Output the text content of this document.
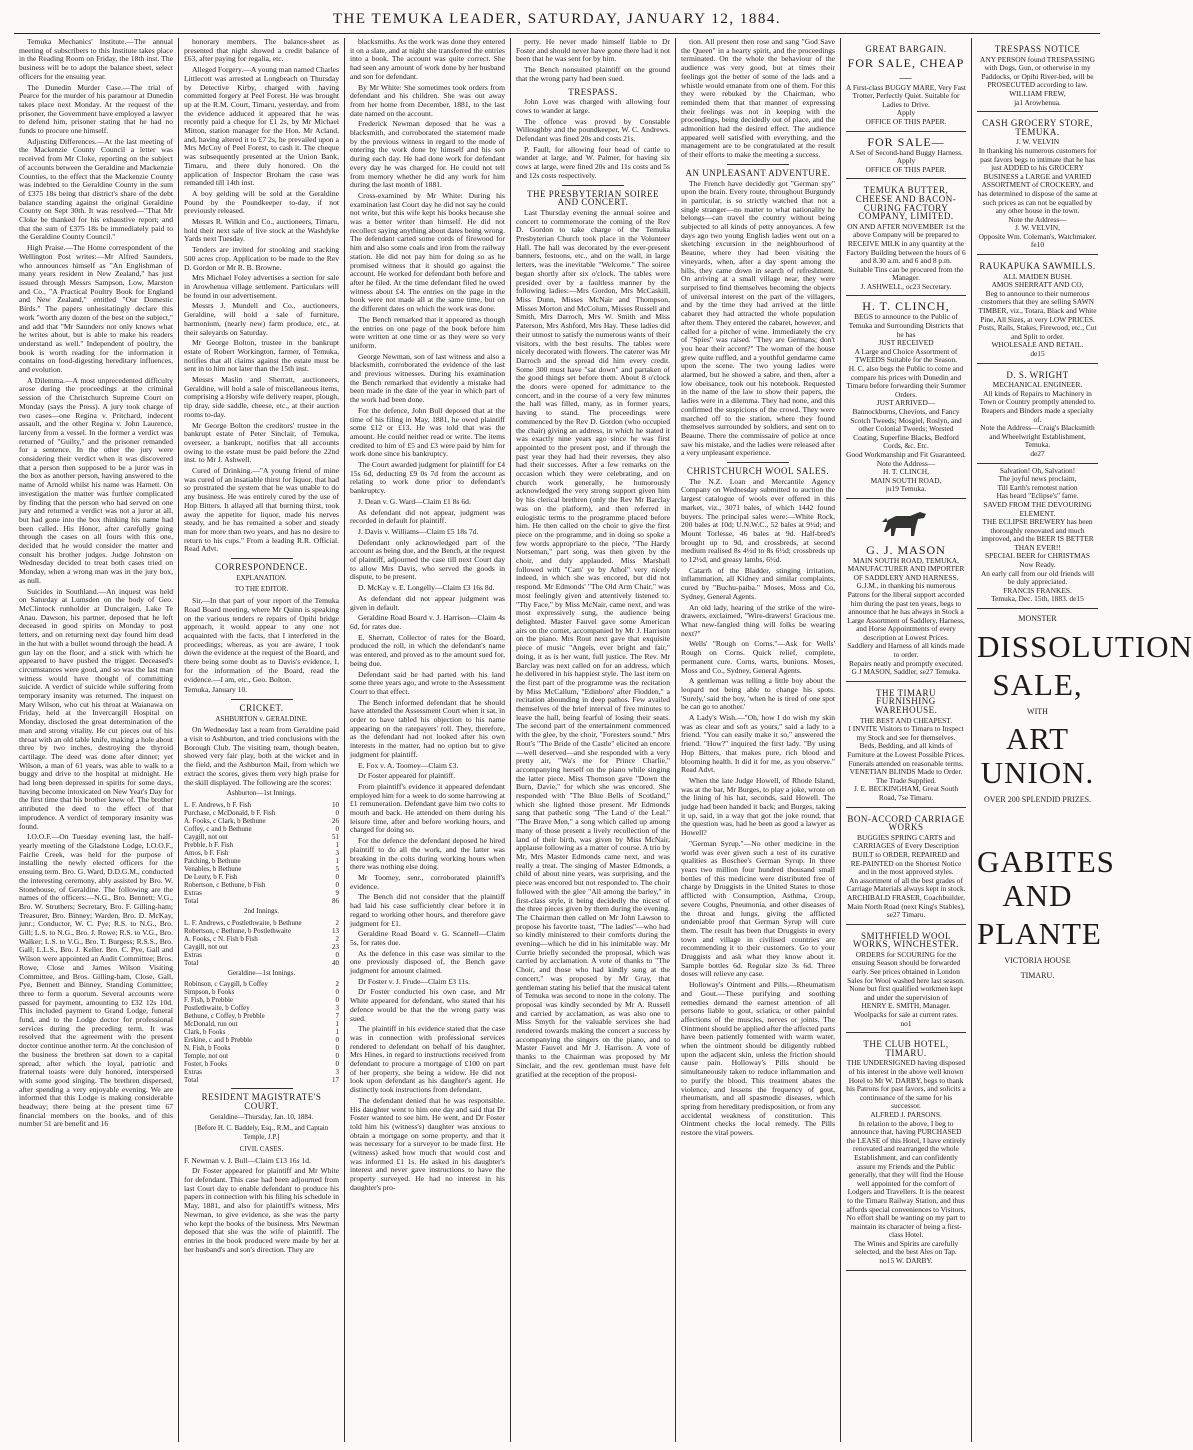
THE TEMUKA LEADER, SATURDAY, JANUARY 12, 1884.

Temuka Mechanics' Institute.—The annual meeting of subscribers to this Institute takes place in the Reading Room on Friday, the 18th inst. The business will be to adopt the balance sheet, select officers for the ensuing year.

The Dunedin Murder Case.—The trial of Pearce for the murder of his paramour at Dunedin takes place next Monday. At the request of the prisoner, the Government have employed a lawyer to defend him, prisoner stating that he had no funds to procure one himself.

Adjusting Differences.—At the last meeting of the Mackenzie County Council a letter was received from Mr Cloke, reporting on the subject of accounts between the Geraldine and Mackenzie Counties, to the effect that the Mackenzie County was indebted to the Geraldine County in the sum of £375 18s being that district's share of the debt balance standing against the original Geraldine County on Sept 30th. It was resolved—"That Mr Cloke be thanked for his exhaustive report; and that the sum of £375 18s be immediately paid to the Geraldine County Council."

High Praise.—The Home correspondent of the Wellington Post writes:—Mr Alfred Saunders, who announces himself as "An Englishman of many years resident in New Zealand," has just issued through Messrs Sampson, Low, Marston and Co., "A Practical Poultry Book for England and New Zealand," entitled "Our Domestic Birds." The papers unhesitatingly declare this work "worth any dozen of the best on the subject," and add that "Mr Saunders not only knows what he writes about, but is able to make his readers understand as well." Independent of poultry, the book is worth reading for the information it contains on food-digesting hereditary influences, and evolution.

A Dilemma.—A most unprecedented difficulty arose during the proceedings at the criminal session of the Christchurch Supreme Court on Monday (says the Press). A jury took charge of two cases—one Regina v. Pritchard, indecent assault, and the other Regina v. John Laurence, larceny from a vessel. In the former a verdict was returned of "Guilty," and the prisoner remanded for a sentence. In the other the jury were considering their verdict when it was discovered that a person then supposed to be a juror was in the box as another person, having answered to the name of Arnold whilst his name was Harnett. On investigation the matter was further complicated by finding that the person who had served on one jury and returned a verdict was not a juror at all, but had gone into the box thinking his name had been called. His Honor, after carefully going through the cases on all fours with this one, decided that he would consider the matter and consult his brother judges. Judge Johnston on Wednesday decided to treat both cases tried on Monday, when a wrong man was in the jury box, as null.

Suicides in Southland.—An inquest was held on Saturday at Lumsden on the body of Geo. McClintock runholder at Duncraigen, Lake Te Anau. Dawson, his partner, deposed that he left deceased in good spirits on Monday to post letters, and on returning next day found him dead in the hut with a bullet wound through the head. A gun lay on the floor, and a stick with which he appeared to have pushed the trigger. Deceased's circumstances were good, and so was the last man witness would have thought of committing suicide. A verdict of suicide while suffering from temporary insanity was returned. The inquest on Mary Wilson, who cut his throat at Waianawa on Friday, held at the Invercargill Hospital on Monday, disclosed the great determination of the man and strong vitality. He cut pieces out of his throat with an old table knife, making a hole about three by two inches, destroying the thyroid cartilage. The deed was done after dinner; yet Wilson, a man of 61 years, was able to walk to a buggy and drive to the hospital at midnight. He had long been depressed in spirits for some days, having become intoxicated on New Year's Day for the first time that his brother knew of. The brother attributed the deed to the effect of that imprudence. A verdict of temporary insanity was found.

I.O.O.F.—On Tuesday evening last, the half-yearly meeting of the Gladstone Lodge, I.O.O.F., Fairlie Creek, was held for the purpose of installing the newly elected officers for the ensuing term. Bro. G. Ward, D.D.G.M., conducted the interesting ceremony, ably assisted by Bro. W. Stonehouse, of Geraldine. The following are the names of the officers:—N.G., Bro. Bennett; V.G., Bro. W. Struthers; Secretary, Bro. F. Gilling-ham; Treasurer, Bro. Binney; Warden, Bro. D. McKay, junr.; Conductor, W. C. Pye; R.S. to N.G., Bro. Gill; L.S. to N.G., Bro. J. Rowe; R.S. to V.G., Bro. Walker; L.S. to V.G., Bro. T. Burgess; R.S.S., Bro. Gall; L.L.S., Bro. J. Keller. Bro. C. Pye, Gall and Wilson were appointed an Audit Committee; Bros. Rowe, Close and James Wilson Visiting Committee, and Bros. Gilling-ham, Close, Gall, Pye, Bennett and Binney, Standing Committee; three to form a quorum. Several accounts were passed for payment, amounting to £32 12s 10d. This included payment to Grand Lodge, funeral fund, and to the Lodge doctor for professional services during the preceding term. It was resolved that the agreement with the present doctor continue another term. At the conclusion of the business the brethren sat down to a capital spread, after which the loyal, patriotic and fraternal toasts were duly honored, interspersed with some good singing. The brethren dispersed, after spending a very enjoyable evening. We are informed that this Lodge is making considerable headway; there being at the present time 67 financial members on the books, and of this number 51 are benefit and 16

honorary members. The balance-sheet as presented that night showed a credit balance of £63, after paying for regalia, etc.

Alleged Forgery.—A young man named Charles Littlecott was arrested at Longbeach on Thursday by Detective Kirby, charged with having committed forgery at Peel Forest. He was brought up at the R.M. Court, Timaru, yesterday, and from the evidence adduced it appeared that he was recently paid a cheque for £1 2s, by Mr Michael Mitton, station manager for the Hon. Mr Acland, and, having altered it to £7 2s, he prevailed upon a Mrs McCoy of Peel Forest, to cash it. The cheque was subsequently presented at the Union Bank, Timaru, and there duly honored. On the application of Inspector Broham the case was remanded till 14th inst.

A boy gelding will be sold at the Geraldine Pound by the Poundkeeper to-day, if not previously released.

Messrs R. Wilkin and Co., auctioneers, Timaru, hold their next sale of live stock at the Washdyke Yards next Tuesday.

Tenders are invited for stooking and stacking 500 acres crop. Application to be made to the Rev D. Gordon or Mr R. B. Browne.

Mrs Michael Foley advertises a section for sale in Arowhenua village settlement. Particulars will be found in our advertisement.

Messrs J. Mundell and Co., auctioneers, Geraldine, will hold a sale of furniture, harmonium, (nearly new) farm produce, etc., at their saleyards on Saturday.

Mr George Bolton, trustee in the bankrupt estate of Robert Workington, farmer, of Temuka, notifies that all claims against the estate must be sent in to him not later than the 15th inst.

Messrs Maslin and Sherratt, auctioneers, Geraldine, will hold a sale of miscellaneous items, comprising a Horsby wife delivery reaper, plough, tip dray, side saddle, cheese, etc., at their auction rooms to-day.

Mr George Bolton the creditors' trustee in the bankrupt estate of Peter Sinclair, of Temuka, overseer, a bankrupt, notifies that all accounts owing to the estate must be paid before the 22nd inst. to Mr J. Ashwell.

Cured of Drinking.—"A young friend of mine was cured of an insatiable thirst for liquor, that had so prostrated the system that he was unable to do any business. He was entirely cured by the use of Hop Bitters. It allayed all that burning thirst, took away the appetite for liquor, made his nerves steady, and he has remained a sober and steady man for more than two years, and has no desire to return to his cups." From a leading R.R. Official. Read Advt.

CORRESPONDENCE.
EXPLANATION.
TO THE EDITOR.

Sir,—In that part of your report of the Temuka Road Board meeting, where Mr Quinn is speaking on the various tenders re repairs of Opihi bridge approach, it would appear to any one not acquainted with the facts, that I interfered in the proceedings; whereas, as you are aware, I took down the evidence at the request of the Board, and there being some doubt as to Davis's evidence, I, for the information of the Board, read the evidence.—I am, etc., Geo. Bolton.

Temuka, January 10.

CRICKET.
ASHBURTON v. GERALDINE.

On Wednesday last a team from Geraldine paid a visit to Ashburton, and tried conclusions with the Borough Club. The visiting team, though beaten, showed very fair play, both at the wicket and in the field, and the Ashburton Mail, from which we extract the scores, gives them very high praise for the skill displayed. The following are the scores:

Ashburton—1st Innings.
L. F. Andrews, b F. Fish	10
Purchase, c McDonald, b F. Fish	0
A. Fooks, c Clark, b Bethune	26
Coffey, c and b Bethune	0
Caygill, not out	51
Prebble, b F. Fish	1
Amos, b F. Fish	3
Patching, b Bethune	1
Venables, b Bethune	5
De Leuty, b F. Fish	0
Robertson, c Bethune, b Fish	0
Extras	9
Total	86
2nd Innings.
L. F. Andrews, c Postlethwaite, b Bethune	2
Robertson, c Bethune, b Postlethwaite	13
A. Fooks, c N. Fish b Fish	2
Caygill, not out	23
Extras	0
Total	40
Geraldine—1st Innings.
Robinson, c Caygill, b Coffey	2
Simpson, b Fooks	0
F. Fish, b Prebble	0
Postlethwaite, b Coffey	3
Bethune, c Coffey, b Prebble	7
McDonald, run out	1
Clark, b Fooks	1
Erskine, c and b Prebble	0
N. Fish, b Fooks	0
Temple, not out	0
Foster, b Fooks	0
Extras	3
Total	17
RESIDENT MAGISTRATE'S COURT.
Geraldine—Thursday, Jan. 10, 1884.
[Before H. C. Baddely, Esq., R.M., and Captain Temple, J.P.]
CIVIL CASES.

F. Newman v. J. Bull—Claim £13 16s 1d.

Dr Foster appeared for plaintiff and Mr White for defendant. This case had been adjourned from last Court day to enable defendant to produce his papers in connection with his filing his schedule in May, 1881, and also for plaintiff's witness, Mrs Newman, to give evidence, as she was the party who kept the books of the business. Mrs Newman deposed that she was the wife of plaintiff. The entries in the book produced were made by her at her husband's and son's direction. They are

blacksmiths. As the work was done they entered it on a slate, and at night she transferred the entries into a book. The account was quite correct. She had seen any amount of work done by her husband and son for defendant.

By Mr White: She sometimes took orders from defendant and his children. She was out away from her home from December, 1881, to the last date named on the account.

Frederick Newman deposed that he was a blacksmith, and corroborated the statement made by the previous witness in regard to the mode of entering the work done by himself and his son during each day. He had done work for defendant every day he was charged for. He could not tell from memory whether he did any work for him during the last month of 1881.

Cross-examined by Mr White: During his examination last Court day he did not say he could not write, but this wife kept his books because she was a better writer than himself. He did not recollect saying anything about dates being wrong. The defendant carted some cords of firewood for him and also some coals and iron from the railway station. He did not pay him for doing so as he promised witness that it should go against the account. He worked for defendant both before and after he filed. At the time defendant filed he owed witness about £4. The entries on the page in the book were not made all at the same time, but on the different dates on which the work was done.

The Bench remarked that it appeared as though the entries on one page of the book before him were written at one time or as they were so very uniform.

George Newman, son of last witness and also a blacksmith, corroborated the evidence of the last and previous witnesses. During his examination the Bench remarked that evidently a mistake had been made in the date of the year in which part of the work had been done.

For the defence, John Bull deposed that at the time of his filing in May, 1881, he owed plaintiff some £12 or £13. He was told that was the amount. He could neither read or write. The items credited to him of £5 and £3 were paid by him for work done since his bankruptcy.

The Court awarded judgment for plaintiff for £4 15s 6d, deducting £9 0s 7d from the account as relating to work done prior to defendant's bankruptcy.

J. Dean v. G. Ward—Claim £1 8s 6d.

As defendant did not appear, judgment was recorded in default for plaintiff.

J. Davis v. Williams—Claim £5 18s 7d.

Defendant only acknowledged part of the account as being due, and the Bench, at the request of plaintiff, adjourned the case till next Court day to allow Mrs Davis, who served the goods in dispute, to be present.

D. McKay v. E. Longelly—Claim £3 16s 8d.

As defendant did not appear judgment was given in default.

Geraldine Road Board v. J. Harrison—Claim 4s 6d, for rates due.

E. Sherratt, Collector of rates for the Board, produced the roll, in which the defendant's name was entered, and proved as to the amount sued for, being due.

Defendant said he had parted with his land some three years ago, and wrote to the Assessment Court to that effect.

The Bench informed defendant that he should have attended the Assessment Court when it sat, in order to have tabled his objection to his name appearing on the ratepayers' roll. They, therefore, as the defendant had not looked after his own interests in the matter, had no option but to give judgment for plaintiff.

E. Fox v. A. Toomey—Claim £3.

Dr Foster appeared for plaintiff.

From plaintiff's evidence it appeared defendant employed him for a week to do some harrowing at £1 remuneration. Defendant gave him two colts to mouth and back. He attended on them during his leisure time, after and before working hours, and charged for doing so.

For the defence the defendant deposed he hired plaintiff to do all the work, and the latter was breaking in the colts during working hours when there was nothing else doing.

Mr Toomey, senr., corroborated plaintiff's evidence.

The Bench did not consider that the plaintiff had laid his case sufficiently clear before it in regard to working other hours, and therefore gave judgment for £1.

Geraldine Road Board v. G. Scannell—Claim 5s, for rates due.

As the defence in this case was similar to the one previously disposed of, the Bench gave judgment for amount claimed.

Dr Foster v. J. Frude—Claim £3 11s.

Dr Foster conducted his own case, and Mr White appeared for defendant, who stated that his defence would be that the the wrong party was sued.

The plaintiff in his evidence stated that the case was in connection with professional services rendered to defendant on behalf of his daughter, Mrs Hines, in regard to instructions received from defendant to procure a mortgage of £100 on part of her property, she being a widow. He did not look upon defendant as his daughter's agent. He distinctly took instructions from defendant.

The defendant denied that he was responsible. His daughter went to him one day and said that Dr Foster wanted to see him. He went, and Dr Foster told him his (witness's) daughter was anxious to obtain a mortgage on some property, and that it was necessary for a surveyor to be made first. He (witness) asked how much that would cost and was informed £1 1s. He asked in his daughter's interest and never gave instructions to have the property surveyed. He had no interest in his daughter's pro-

perty. He never made himself liable to Dr Foster and should never have gone there had it not been that he was sent for by him.

The Bench nonsuited plaintiff on the ground that the wrong party had been sued.

TRESPASS.

John Love was charged with allowing four cows to wander at large.

The offence was proved by Constable Willoughby and the poundkeeper, W. C. Andrews. Defendant was fined 20s and costs 21s.

P. Faull, for allowing four head of cattle to wander at large, and W. Palmer, for having six cows at large, were fined 20s and 11s costs and 5s and 12s costs respectively.

THE PRESBYTERIAN SOIREE AND CONCERT.

Last Thursday evening the annual soiree and concert to commemorate the coming of the Rev D. Gordon to take charge of the Temuka Presbyterian Church took place in the Volunteer Hall. The hall was decorated by the ever-present banners, festoons, etc., and on the wall, in large letters, was the inevitable "Welcome." The soiree began shortly after six o'clock. The tables were presided over by a faultless manner by the following ladies:—Mrs Gordon, Mrs McCaskill, Miss Dunn, Misses McNair and Thompson, Misses Morton and McColum, Misses Russell and Smith, Mrs Darroch, Mrs W. Smith and Miss Paterson, Mrs Ashford, Mrs Hay. These ladies did their utmost to satisfy the numerous wants of their visitors, with the best results. The tables were nicely decorated with flowers. The caterer was Mr Darroch and the spread did him every credit. Some 300 must have "sat down" and partaken of the good things set before them. About 8 o'clock the doors were opened for admittance to the concert, and in the course of a very few minutes the hall was filled, many, as in former years, having to stand. The proceedings were commenced by the Rev D. Gordon (who occupied the chair) giving an address, in which he stated it was exactly nine years ago since he was first appointed to the present post, and if through the past year they had had their reverses, they also had their successes. After a few remarks on the occasion which they were celebrating, and on church work generally, he humorously acknowledged the very strong support given him by his clerical brethren (only the Rev Mr Barclay was on the platform), and then referred in eulogistic terms to the programme placed before him. He then called on the choir to give the first piece on the programme, and in doing so spoke a few words appropriate to the piece, "The Hardy Norseman," part song, was then given by the choir, and duly applauded. Miss Marshall followed with "Cam' ye by Athol" very nicely indeed, in which she was encored, but did not respond. Mr Edmonds' "The Old Arm Chair," was most feelingly given and attentively listened to. "Thy Face," by Miss McNair, came next, and was most expressively sung, the audience being delighted. Master Fauvel gave some American airs on the cornet, accompanied by Mr J. Harrison on the piano. Mrs Rout next gave that exquisite piece of music "Angels, ever bright and fair," doing, it as is her want, full justice. The Rev. Mr Barclay was next called on for an address, which he delivered in his happiest style. The last item on the first part of the programme was the recitation by Miss McCallum, "Edinboro' after Flodden," a recitation abounding in deep pathos. Few availed themselves of the brief interval of five minutes to leave the hall, being fearful of losing their seats. The second part of the entertainment commenced with the glee, by the choir, "Foresters sound." Mrs Rout's "The Bride of the Castle" elicited an encore—well deserved—and she responded with a very pretty air, "Wa's me for Prince Charlie," accompanying herself on the piano while singing the latter piece. Miss Thomson gave "Down the Burn, Davie," for which she was encored. She responded with "The Blue Bells of Scotland," which she lighted those present. Mr Edmonds sang that pathetic song "The Land o' the Leal." "The Brave Men," a song which called up among many of those present a lively recollection of the land of their birth, was given by Miss McNair, applause following as a matter of course. A trio by Mr, Mrs Master Edmonds came next, and was really a treat. The singing of Master Edmonds, a child of about nine years, was surprising, and the piece was encored but not responded to. The choir followed with the glee "All among the barley," in first-class style, it being decidedly the nicest of the three pieces given by them during the evening. The Chairman then called on Mr John Lawson to propose his favorite toast, "The ladies"—who had so kindly ministered to their comforts during the evening—which he did in his inimitable way. Mr Currie briefly seconded the proposal, which was carried by acclamation. A vote of thanks to "The Choir, and those who had kindly sung at the concert," was proposed by Mr Gray, that gentleman stating his belief that the musical talent of Temuka was second to none in the colony. The proposal was kindly seconded by Mr A. Russell and carried by acclamation, as was also one to Miss Smyth for the valuable services she had rendered towards making the concert a success by accompanying the singers on the piano, and to Master Fauvel and Mr J. Harrison. A vote of thanks to the Chairman was proposed by Mr Sinclair, and the rev. gentleman must have felt gratified at the reception of the proposi-

tion. All present then rose and sang "God Save the Queen" in a hearty spirit, and the proceedings terminated. On the whole the behaviour of the audience was very good, but at times their feelings got the better of some of the lads and a whistle would emanate from one of them. For this they were rebuked by the Chairman, who reminded them that that manner of expressing their feelings was not in keeping with the proceedings, being decidedly out of place, and the admonition had the desired effect. The audience appeared well satisfied with everything, and the management are to be congratulated at the result of their efforts to make the meeting a success.

AN UNPLEASANT ADVENTURE.

The French have decidedly got "German spy" upon the brain. Every route, throughout Burgundy in particular, is so strictly watched that not a single stranger—no matter to what nationality he belongs—can travel the country without being subjected to all kinds of petty annoyances. A few days ago two young English ladies went out on a sketching excursion in the neighbourhood of Beaune, where they had been visiting the vineyards, when, after a day spent among the hills, they came down in search of refreshment. On arriving at a small village near, they were surprised to find themselves becoming the objects of universal interest on the part of the villagers, and by the time they had arrived at the little cabaret they had attracted the whole population after them. They entered the cabaret, however, and called for a pitcher of wine. Immediately the cry of "Spies" was raised. "They are Germans; don't you hear their accent?" The woman of the house grew quite ruffled, and a youthful gendarme came upon the scene. The two young ladies were alarmed, but he showed a sabre, and then, after a low obeisance, took out his notebook. Requested in the name of the law to show their papers, the ladies were in a dilemma. They had none, and this confirmed the suspicions of the crowd. They were marched off to the station, where they found themselves surrounded by soldiers, and sent on to Beaune. There the commissaire of police at once saw his mistake, and the ladies were released after a very unpleasant experience.

CHRISTCHURCH WOOL SALES.

The N.Z. Loan and Mercantile Agency Company on Wednesday submitted to auction the largest catalogue of wools ever offered in this market, viz., 3071 bales, of which 1442 found buyers. The principal sales were:—White Rock, 200 bales at 10d; U.N.W.C., 52 bales at 9½d; and Mount Torlesse, 46 bales at 9d. Half-bred's brought up to 9d, and crossbreds, at second medium realised 8s 4½d to 8s 6½d; crossbreds up to 12½d, and greasy lambs, 6½d.

Catarrh of the Bladder, stinging irritation, inflammation, all Kidney and similar complaints, cured by "Buchu-paiba." Moses, Moss and Co, Sydney, General Agents.

An old lady, hearing of the strike of the wire-drawers, exclaimed, "Wire-drawers! Gracious me. What new-fangled thing will folks be wearing next?"

Wells' "Rough on Corns."—Ask for Wells' Rough on Corns. Quick relief, complete, permanent cure. Corns, warts, bunions. Moses, Moss and Co., Sydney, General Agents.

A gentleman was telling a little boy about the leopard not being able to change his spots. 'Surely,' said the boy, 'when he is tired of one spot he can go to another.'

A Lady's Wish.—"Oh, how I do wish my skin was as clear and soft as yours," said a lady to a friend. "You can easily make it so," answered the friend. "How?" inquired the first lady. "By using Hop Bitters, that makes pure, rich blood and blooming health. It did it for me, as you observe." Read Advt.

When the late Judge Howell, of Rhode Island, was at the bar, Mr Burges, to play a joke, wrote on the lining of his hat, seconds, said Howell. The judge had been handed it back; and Burges, taking it up, said, in a way that got the joke round, that the question was, had he been as good a lawyer as Howell?

"German Syrup."—No other medicine in the world was ever given such a test of its curative qualities as Boschee's German Syrup. In three years two million four hundred thousand small bottles of this medicine were distributed free of charge by Druggists in the United States to those afflicted with Consumption, Asthma, Croup, severe Coughs, Pneumonia, and other diseases of the throat and lungs, giving the afflicted undeniable proof that German Syrup will cure them. The result has been that Druggists in every town and village in civilised countries are recommending it to their customers. Go to your Druggists and ask what they know about it. Sample bottles 6d. Regular size 3s 6d. Three doses will relieve any case.

Holloway's Ointment and Pills.—Rheumatism and Gout.—These purifying and soothing remedies demand the earnest attention of all persons liable to gout, sciatica, or other painful affections of the muscles, nerves or joints. The Ointment should be applied after the affected parts have been patiently fomented with warm water, when the ointment should be diligently rubbed upon the adjacent skin, unless the friction should cause pain. Holloway's Pills should be simultaneously taken to reduce inflammation and to purify the blood. This treatment abates the violence, and lessens the frequency of gout, rheumatism, and all spasmodic diseases, which spring from hereditary predisposition, or from any accidental weakness of constitution. This Ointment checks the local remedy. The Pills restore the vital powers.

GREAT BARGAIN.
FOR SALE, CHEAP—
A First-class BUGGY MARE, Very Fast Trotter, Perfectly Quiet. Suitable for Ladies to Drive.
Apply
OFFICE OF THIS PAPER.
FOR SALE—
A Set of Second-hand Buggy Harness.
Apply
OFFICE OF THIS PAPER.
TEMUKA BUTTER, CHEESE AND BACON-CURING FACTORY COMPANY, LIMITED.
ON AND AFTER NOVEMBER 1st the above Company will be prepared to RECEIVE MILK in any quantity at the Factory Building between the hours of 6 and 8.30 a.m. and 6 and 8 p.m.
Suitable Tins can be procured from the Manager.
J. ASHWELL, oc23 Secretary.
H. T. CLINCH,
BEGS to announce to the Public of Temuka and Surrounding Districts that he has
JUST RECEIVED
A Large and Choice Assortment of TWEEDS Suitable for the Season.
H. C. also begs the Public to come and compare his prices with Dunedin and Timaru before forwarding their Summer Orders.
JUST ARRIVED—
Bannockburns, Cheviots, and Fancy Scotch Tweeds; Mosgiel, Roslyn, and other Colonial Tweeds; Worsted Coating, Superfine Blacks, Bedford Cords, &c. Etc.
Good Workmanship and Fit Guaranteed.
Note the Address—
H. T. CLINCH,
MAIN SOUTH ROAD,
ju19 Temuka.
G. J. MASON
MAIN SOUTH ROAD, TEMUKA,
MANUFACTURER AND IMPORTER OF SADDLERY AND HARNESS.
G.J.M., in thanking his numerous Patrons for the liberal support accorded him during the past ten years, begs to announce that he has always in Stock a Large Assortment of Saddlery, Harness, and Horse Appointments of every description at Lowest Prices.
Saddlery and Harness of all kinds made to order.
Repairs neatly and promptly executed.
G J MASON, Saddler, se27 Temuka.
THE TIMARU FURNISHING WAREHOUSE.
THE BEST AND CHEAPEST.
I INVITE Visitors to Timaru to Inspect my Stock and see for themselves.
Beds, Bedding, and all kinds of Furniture at the Lowest Possible Prices.
Funerals attended on reasonable terms.
VENETIAN BLINDS Made to Order. The Trade Supplied.
J. E. BECKINGHAM, Great South Road, 7se Timaru.
BON-ACCORD CARRIAGE WORKS
BUGGIES SPRING CARTS and CARRIAGES of Every Description BUILT to ORDER, REPAIRED and RE-PAINTED on the Shortest Notice and in the most approved styles.
An assortment of all the best grades of Carriage Materials always kept in stock.
ARCHIBALD FRASER, Coachbuilder, Main North Road (next King's Stables), se27 Timaru.
SMITHFIELD WOOL WORKS, WINCHESTER.
ORDERS for SCOURING for the ensuing Season should be forwarded early. See prices obtained in London Sales for Wool washed here last season.
None but first qualified workmen kept and under the supervision of
HENRY E. SMITH, Manager.
Woolpacks for sale at current rates.
no1
THE CLUB HOTEL, TIMARU.
THE UNDERSIGNED having disposed of his interest in the above well known Hotel to Mr W. DARBY, begs to thank his Patrons for past favors, and solicits a continuance of the same for his successor.
ALFRED J. PARSONS.
In relation to the above, I beg to announce that, having PURCHASED the LEASE of this Hotel, I have entirely renovated and rearranged the whole Establishment, and can confidently assure my Friends and the Public generally, that they will find the House well appointed for the comfort of Lodgers and Travellers. It is the nearest to the Timaru Railway Station, and thus affords special conveniences to Visitors. No effort shall be wanting on my part to maintain its character of being a first-class Hotel.
The Wines and Spirits are carefully selected, and the best Ales on Tap.
no15 W. DARBY.
TRESPASS NOTICE
ANY PERSON found TRESPASSING with Dogs, Gun, or otherwise in my Paddocks, or Opihi River-bed, will be PROSECUTED according to law.
WILLIAM FREW,
ja1 Arowhenua.
CASH GROCERY STORE, TEMUKA.
J. W. VELVIN
In thanking his numerous customers for past favors begs to intimate that he has just ADDED to his GROCERY BUSINESS a LARGE and VARIED ASSORTMENT of CROCKERY, and has determined to dispose of the same at such prices as can not be equalled by any other house in the town.
Note the Address—
J. W. VELVIN,
Opposite Wm. Coleman's, Watchmaker.
fe10
RAUKAPUKA SAWMILLS.
ALL MAIDEN BUSH.
AMOS SHERRATT AND CO,
Beg to announce to their numerous customers that they are selling SAWN TIMBER, viz., Totara, Black and White Pine, All Sizes, at very LOW PRICES.
Posts, Rails, Stakes, Firewood, etc., Cut and Split to order.
WHOLESALE AND RETAIL.
de15
D. S. WRIGHT
MECHANICAL ENGINEER.
All kinds of Repairs to Machinery in Town or Country promptly attended to.
Reapers and Binders made a specialty of.
Note the Address—Craig's Blacksmith and Wheelwright Establishment, Temuka.
de27
Salvation! Oh, Salvation!
The joyful news proclaim,
Till Earth's remotest nation
Has heard "Eclipse's" fame.
SAVED FROM THE DEVOURING ELEMENT.
THE ECLIPSE BREWERY has been thoroughly renovated and much improved, and the BEER IS BETTER THAN EVER!!
SPECIAL BEER for CHRISTMAS Now Ready.
An early call from our old friends will be duly appreciated.
FRANCIS FRANKES.
Temuka, Dec. 15th, 1883. de15
MONSTER
DISSOLUTION
SALE,
WITH
ART UNION.
OVER 200 SPLENDID PRIZES.
GABITES AND
PLANTE
VICTORIA HOUSE
TIMARU.
